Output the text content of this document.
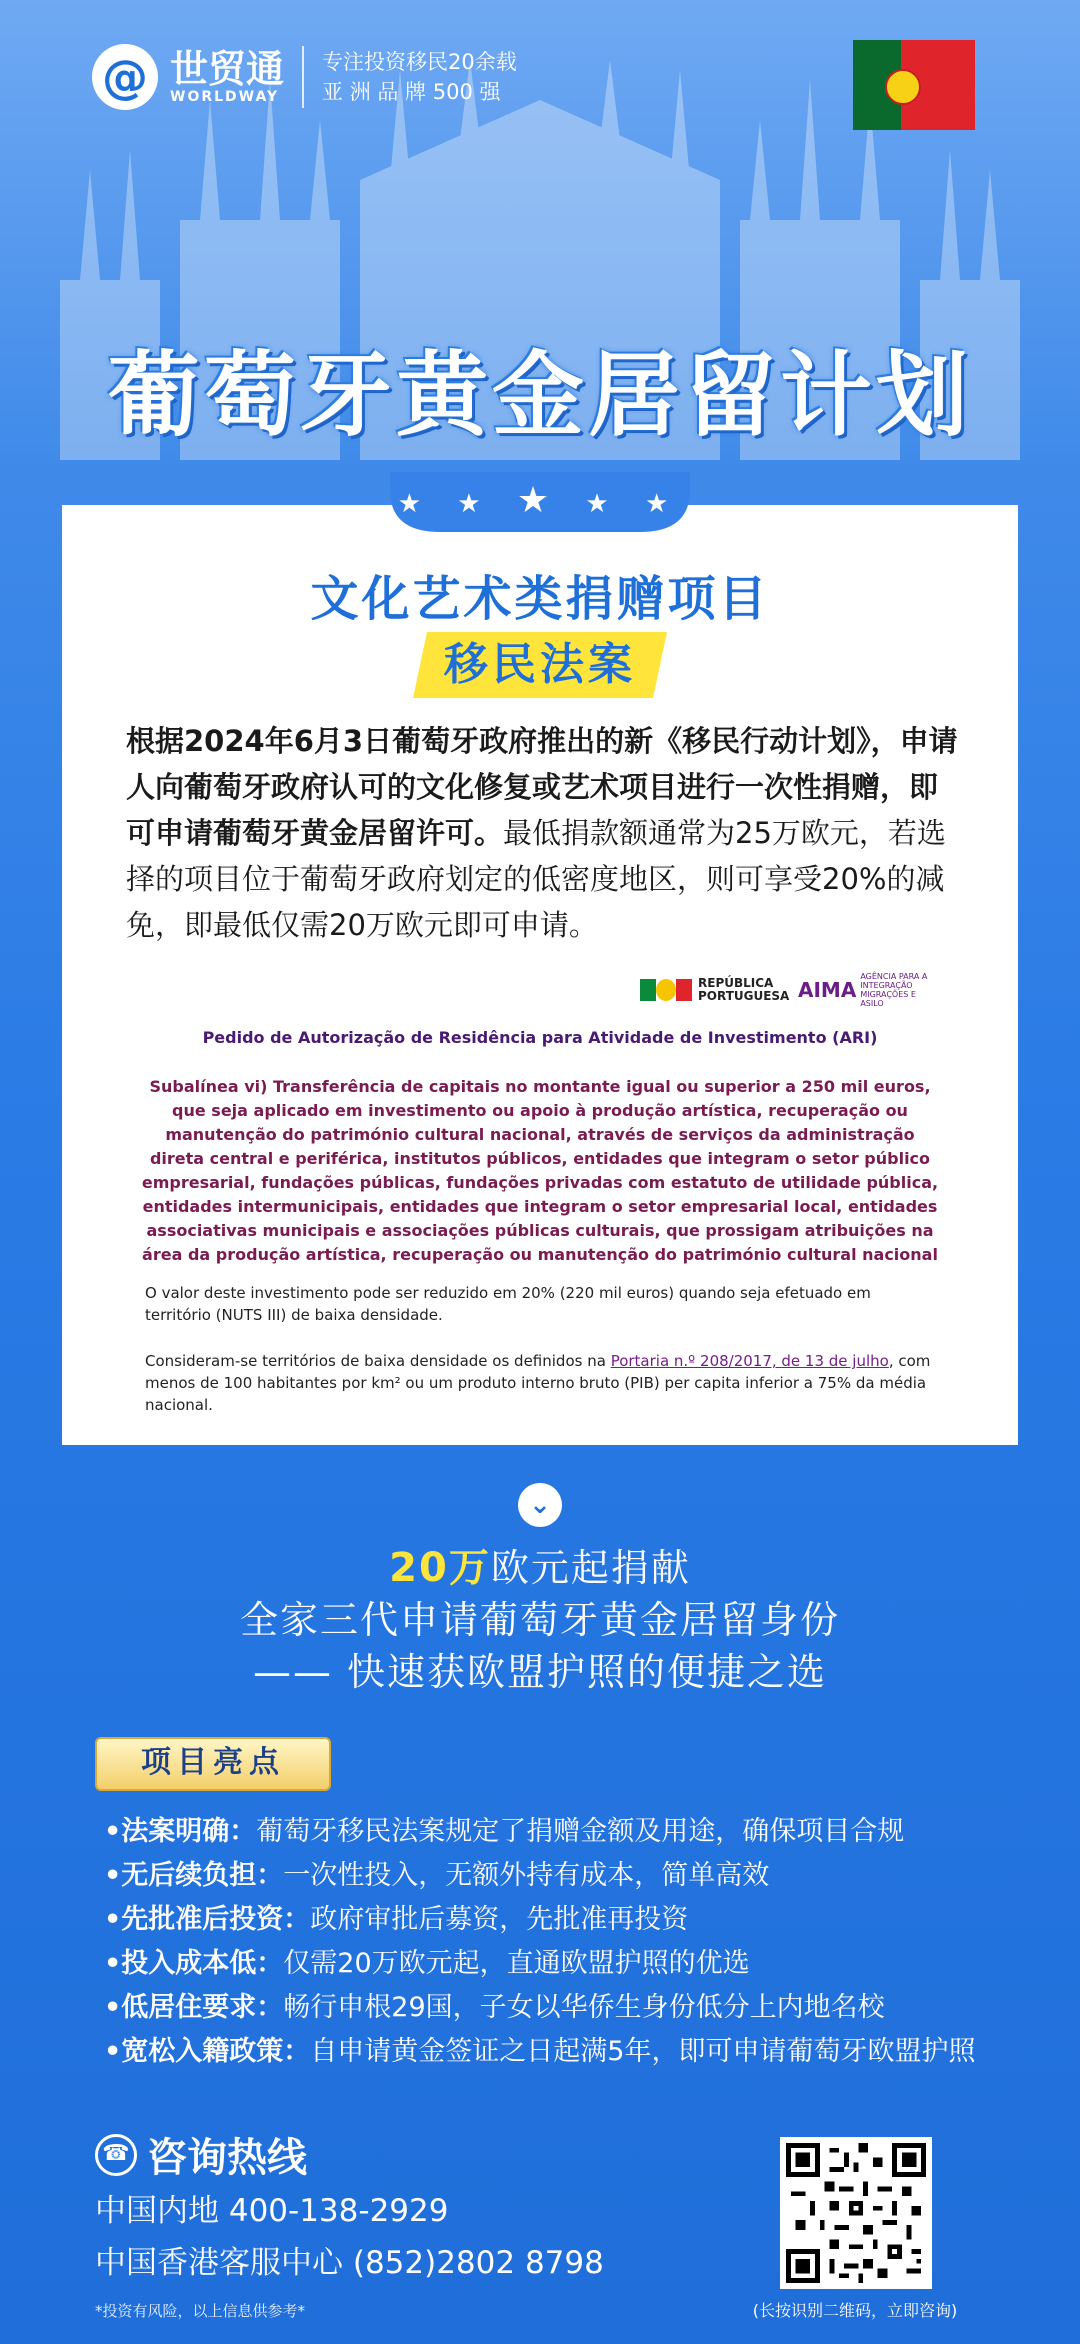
@ 世贸通
WORLDWAY
专注投资移民20余载
亚 洲 品 牌 500 强
葡萄牙黄金居留计划
★ ★ ★ ★ ★
文化艺术类捐赠项目
移民法案
根据2024年6月3日葡萄牙政府推出的新《移民行动计划》，申请人向葡萄牙政府认可的文化修复或艺术项目进行一次性捐赠，即可申请葡萄牙黄金居留许可。最低捐款额通常为25万欧元，若选择的项目位于葡萄牙政府划定的低密度地区，则可享受20%的减免，即最低仅需20万欧元即可申请。
REPÚBLICA PORTUGUESA AIMA
AGÊNCIA PARA A INTEGRAÇÃO MIGRAÇÕES E ASILO
Pedido de Autorização de Residência para Atividade de Investimento (ARI)
Subalínea vi) Transferência de capitais no montante igual ou superior a 250 mil euros, que seja aplicado em investimento ou apoio à produção artística, recuperação ou manutenção do património cultural nacional, através de serviços da administração direta central e periférica, institutos públicos, entidades que integram o setor público empresarial, fundações públicas, fundações privadas com estatuto de utilidade pública, entidades intermunicipais, entidades que integram o setor empresarial local, entidades associativas municipais e associações públicas culturais, que prossigam atribuições na área da produção artística, recuperação ou manutenção do património cultural nacional
O valor deste investimento pode ser reduzido em 20% (220 mil euros) quando seja efetuado em território (NUTS III) de baixa densidade.
Consideram-se territórios de baixa densidade os definidos na Portaria n.º 208/2017, de 13 de julho, com menos de 100 habitantes por km² ou um produto interno bruto (PIB) per capita inferior a 75% da média nacional.
⌄
20万欧元起捐献
全家三代申请葡萄牙黄金居留身份
—— 快速获欧盟护照的便捷之选
项目亮点
•法案明确：葡萄牙移民法案规定了捐赠金额及用途，确保项目合规
•无后续负担：一次性投入，无额外持有成本，简单高效
•先批准后投资：政府审批后募资，先批准再投资
•投入成本低：仅需20万欧元起，直通欧盟护照的优选
•低居住要求：畅行申根29国，子女以华侨生身份低分上内地名校
•宽松入籍政策：自申请黄金签证之日起满5年，即可申请葡萄牙欧盟护照
☎ 咨询热线
中国内地 400-138-2929
中国香港客服中心 (852)2802 8798
*投资有风险，以上信息供参考*	(长按识别二维码，立即咨询)
